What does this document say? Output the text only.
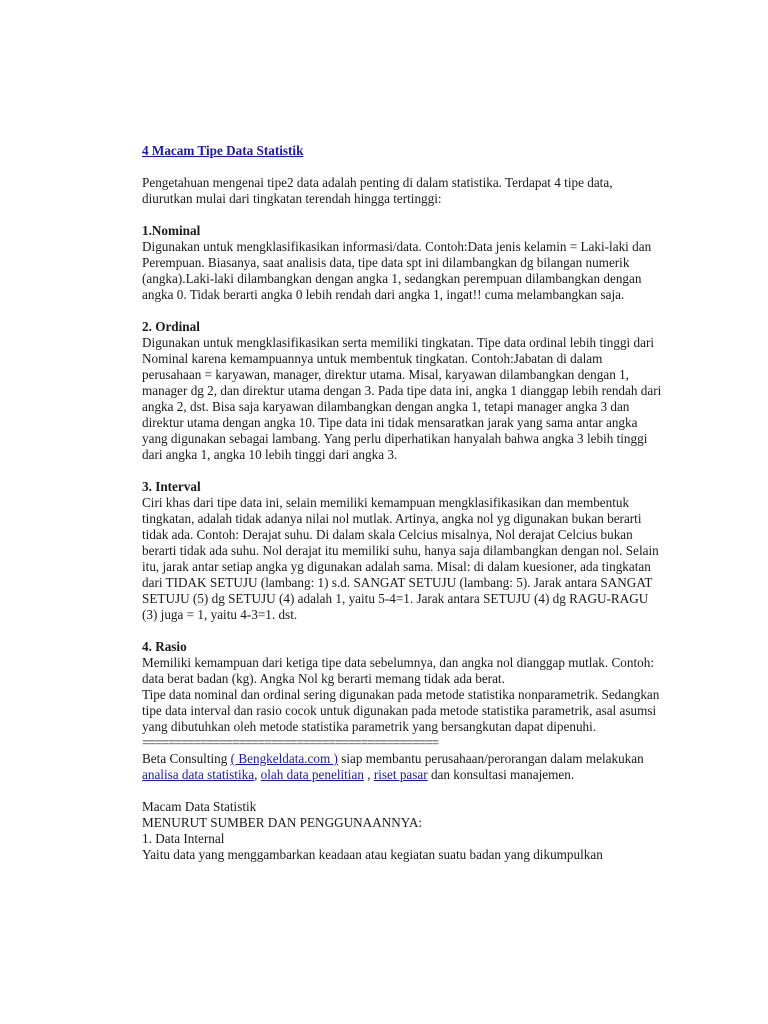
4 Macam Tipe Data Statistik

Pengetahuan mengenai tipe2 data adalah penting di dalam statistika. Terdapat 4 tipe data, diurutkan mulai dari tingkatan terendah hingga tertinggi:

1.Nominal
Digunakan untuk mengklasifikasikan informasi/data. Contoh:Data jenis kelamin = Laki-laki dan Perempuan. Biasanya, saat analisis data, tipe data spt ini dilambangkan dg bilangan numerik (angka).Laki-laki dilambangkan dengan angka 1, sedangkan perempuan dilambangkan dengan angka 0. Tidak berarti angka 0 lebih rendah dari angka 1, ingat!! cuma melambangkan saja.

2. Ordinal
Digunakan untuk mengklasifikasikan serta memiliki tingkatan. Tipe data ordinal lebih tinggi dari Nominal karena kemampuannya untuk membentuk tingkatan. Contoh:Jabatan di dalam perusahaan = karyawan, manager, direktur utama. Misal, karyawan dilambangkan dengan 1, manager dg 2, dan direktur utama dengan 3. Pada tipe data ini, angka 1 dianggap lebih rendah dari angka 2, dst. Bisa saja karyawan dilambangkan dengan angka 1, tetapi manager angka 3 dan direktur utama dengan angka 10. Tipe data ini tidak mensaratkan jarak yang sama antar angka yang digunakan sebagai lambang. Yang perlu diperhatikan hanyalah bahwa angka 3 lebih tinggi dari angka 1, angka 10 lebih tinggi dari angka 3.

3. Interval
Ciri khas dari tipe data ini, selain memiliki kemampuan mengklasifikasikan dan membentuk tingkatan, adalah tidak adanya nilai nol mutlak. Artinya, angka nol yg digunakan bukan berarti tidak ada. Contoh: Derajat suhu. Di dalam skala Celcius misalnya, Nol derajat Celcius bukan berarti tidak ada suhu. Nol derajat itu memiliki suhu, hanya saja dilambangkan dengan nol. Selain itu, jarak antar setiap angka yg digunakan adalah sama. Misal: di dalam kuesioner, ada tingkatan dari TIDAK SETUJU (lambang: 1) s.d. SANGAT SETUJU (lambang: 5). Jarak antara SANGAT SETUJU (5) dg SETUJU (4) adalah 1, yaitu 5-4=1. Jarak antara SETUJU (4) dg RAGU-RAGU (3) juga = 1, yaitu 4-3=1. dst.

4. Rasio
Memiliki kemampuan dari ketiga tipe data sebelumnya, dan angka nol dianggap mutlak. Contoh: data berat badan (kg). Angka Nol kg berarti memang tidak ada berat.
Tipe data nominal dan ordinal sering digunakan pada metode statistika nonparametrik. Sedangkan tipe data interval dan rasio cocok untuk digunakan pada metode statistika parametrik, asal asumsi yang dibutuhkan oleh metode statistika parametrik yang bersangkutan dapat dipenuhi.
==============================================

Beta Consulting ( Bengkeldata.com ) siap membantu perusahaan/perorangan dalam melakukan analisa data statistika, olah data penelitian , riset pasar dan konsultasi manajemen.

Macam Data Statistik
MENURUT SUMBER DAN PENGGUNAANNYA:
1. Data Internal
Yaitu data yang menggambarkan keadaan atau kegiatan suatu badan yang dikumpulkan
